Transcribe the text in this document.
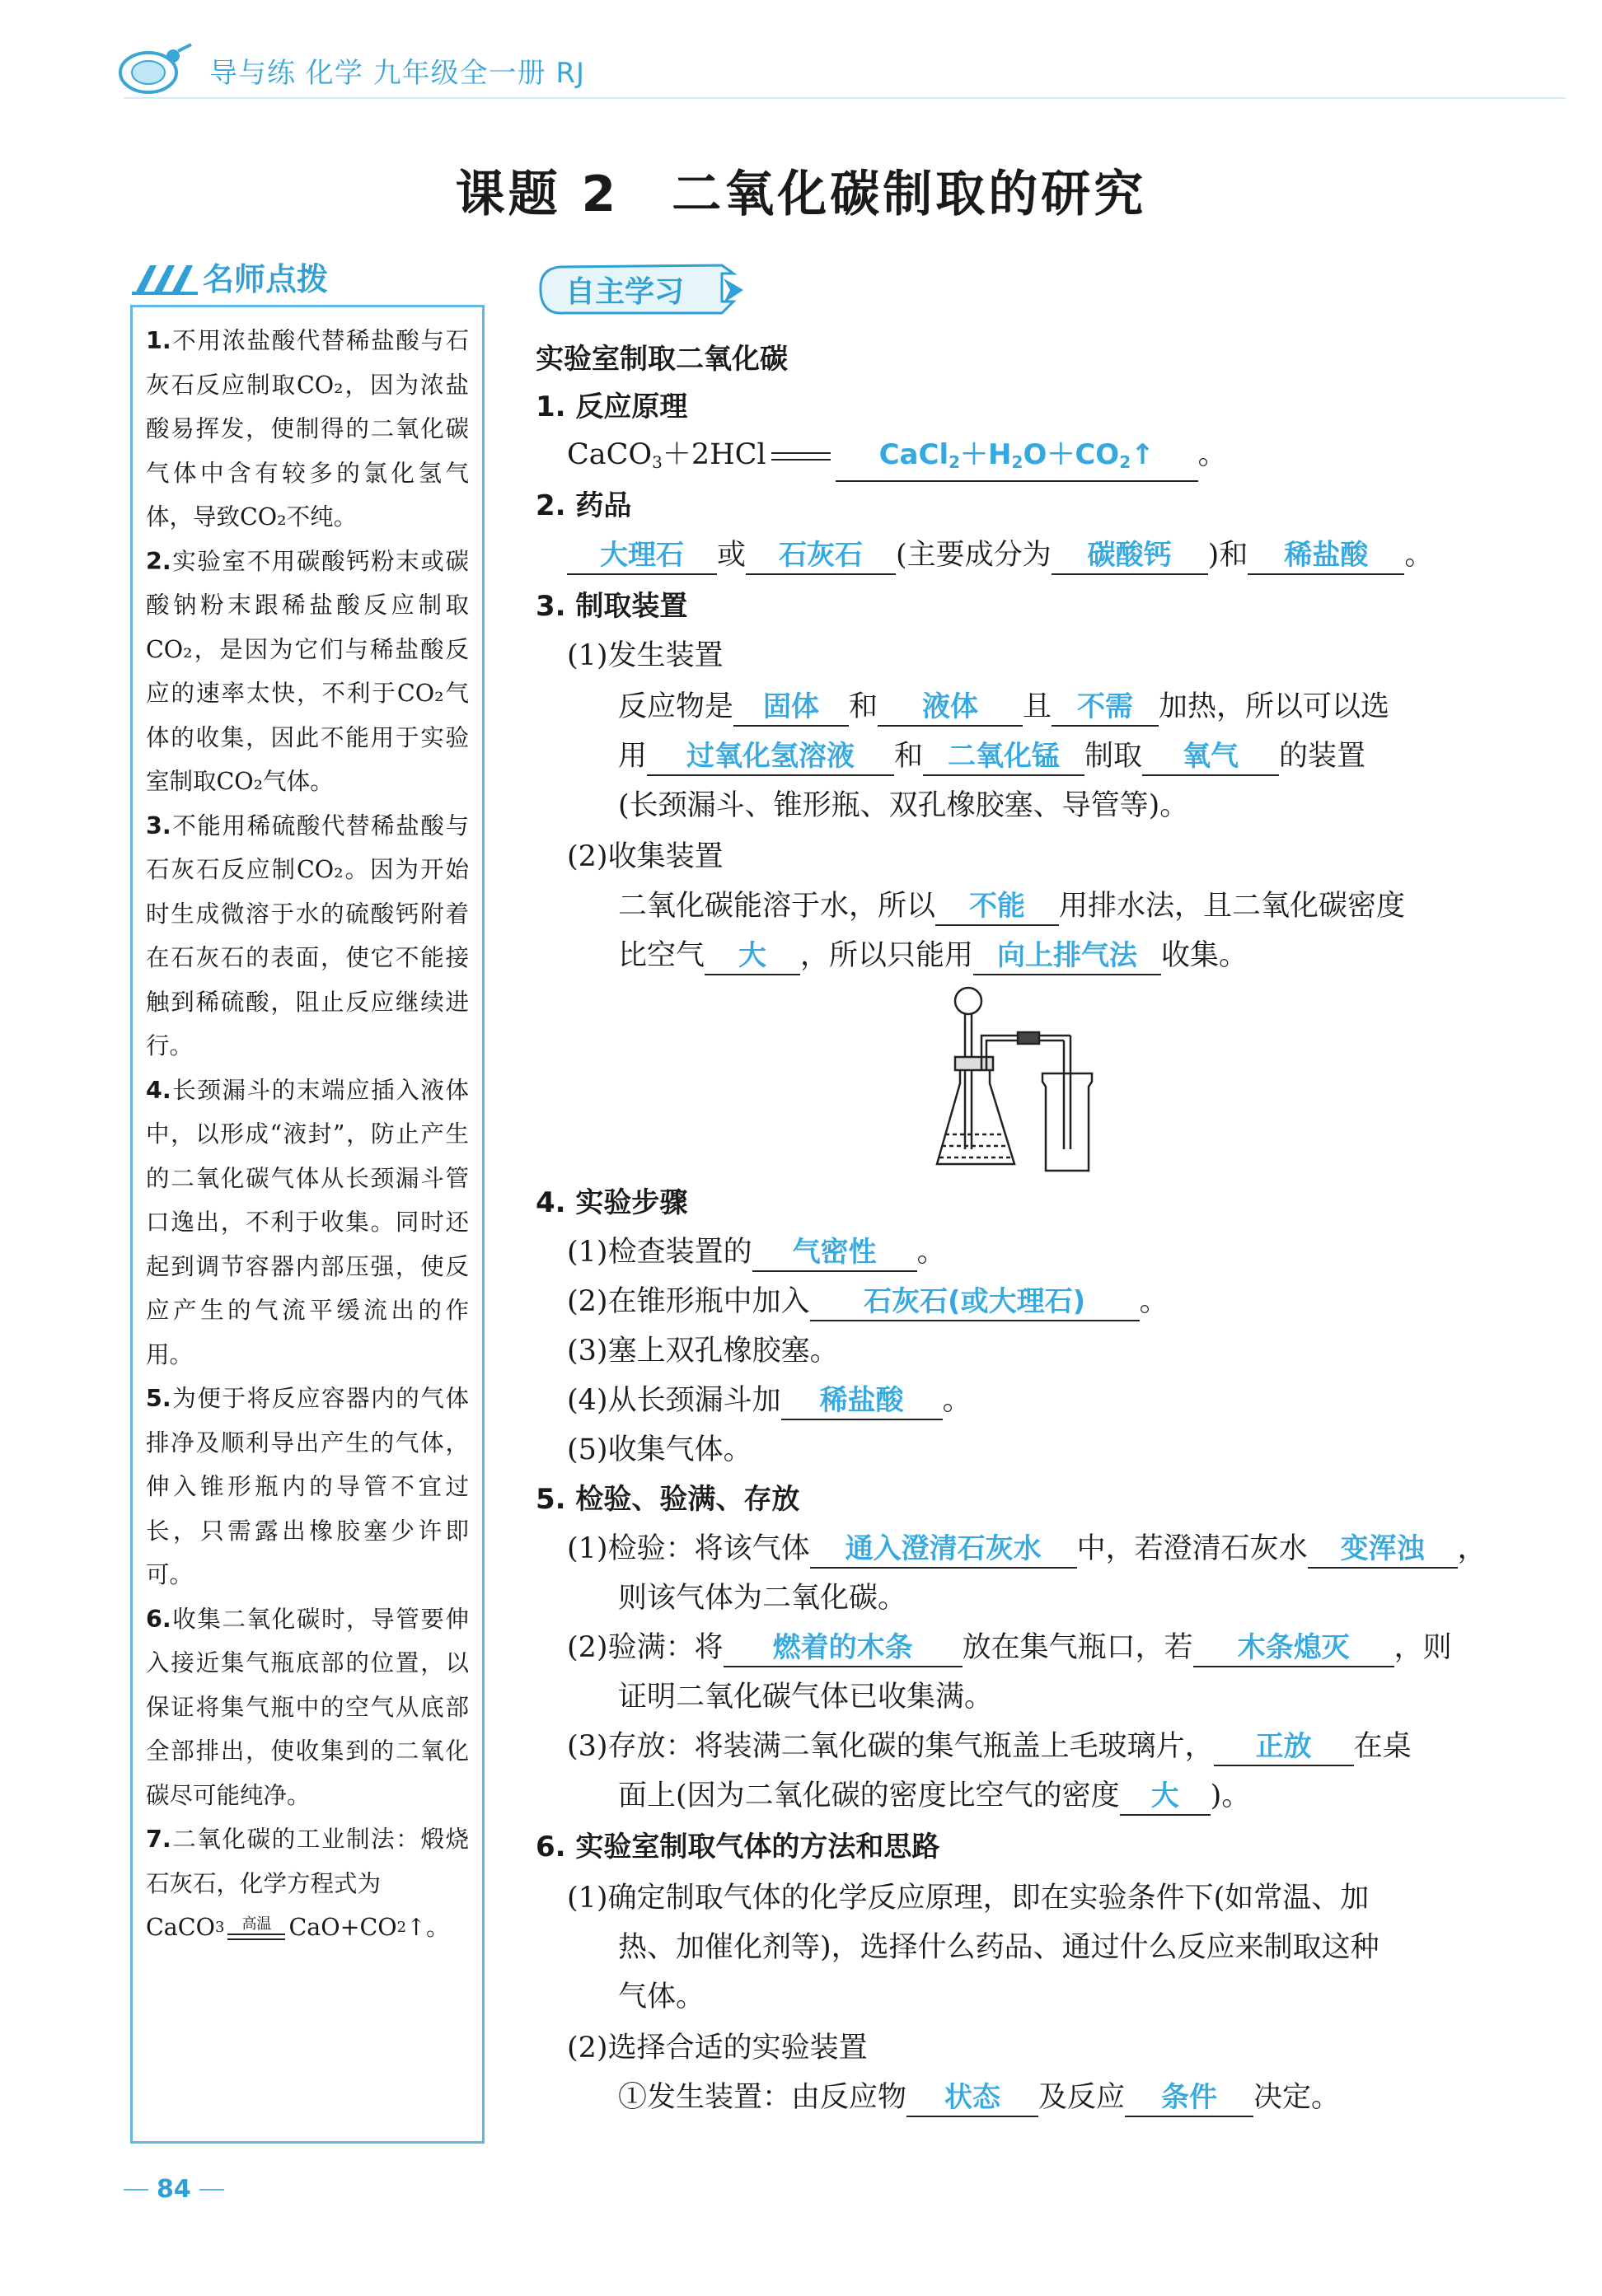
导与练 化学 九年级全一册 RJ
课题 2　二氧化碳制取的研究
名师点拨

1.不用浓盐酸代替稀盐酸与石灰石反应制取CO₂，因为浓盐酸易挥发，使制得的二氧化碳气体中含有较多的氯化氢气体，导致CO₂不纯。

2.实验室不用碳酸钙粉末或碳酸钠粉末跟稀盐酸反应制取CO₂，是因为它们与稀盐酸反应的速率太快，不利于CO₂气体的收集，因此不能用于实验室制取CO₂气体。

3.不能用稀硫酸代替稀盐酸与石灰石反应制CO₂。因为开始时生成微溶于水的硫酸钙附着在石灰石的表面，使它不能接触到稀硫酸，阻止反应继续进行。

4.长颈漏斗的末端应插入液体中，以形成“液封”，防止产生的二氧化碳气体从长颈漏斗管口逸出，不利于收集。同时还起到调节容器内部压强，使反应产生的气流平缓流出的作用。

5.为便于将反应容器内的气体排净及顺利导出产生的气体，伸入锥形瓶内的导管不宜过长，只需露出橡胶塞少许即可。

6.收集二氧化碳时，导管要伸入接近集气瓶底部的位置，以保证将集气瓶中的空气从底部全部排出，使收集到的二氧化碳尽可能纯净。

7.二氧化碳的工业制法：煅烧石灰石，化学方程式为

CaCO 3 高温 CaO+CO 2 ↑。

自主学习
实验室制取二氧化碳
1. 反应原理
CaCO3＋2HCl	CaCl2＋H2O＋CO2↑ 。
2. 药品
大理石 或 石灰石 (主要成分为 碳酸钙 )和 稀盐酸 。
3. 制取装置
(1)发生装置
反应物是 固体 和 液体 且 不需 加热，所以可以选
用 过氧化氢溶液 和 二氧化锰 制取 氧气 的装置
(长颈漏斗、锥形瓶、双孔橡胶塞、导管等)。
(2)收集装置
二氧化碳能溶于水，所以 不能 用排水法，且二氧化碳密度
比空气 大 ，所以只能用 向上排气法 收集。
4. 实验步骤
(1)检查装置的 气密性 。
(2)在锥形瓶中加入 石灰石(或大理石) 。
(3)塞上双孔橡胶塞。
(4)从长颈漏斗加 稀盐酸 。
(5)收集气体。
5. 检验、验满、存放
(1)检验：将该气体 通入澄清石灰水 中，若澄清石灰水 变浑浊 ，
则该气体为二氧化碳。
(2)验满：将 燃着的木条 放在集气瓶口，若 木条熄灭 ，则
证明二氧化碳气体已收集满。
(3)存放：将装满二氧化碳的集气瓶盖上毛玻璃片， 正放 在桌
面上(因为二氧化碳的密度比空气的密度 大 )。
6. 实验室制取气体的方法和思路
(1)确定制取气体的化学反应原理，即在实验条件下(如常温、加
热、加催化剂等)，选择什么药品、通过什么反应来制取这种
气体。
(2)选择合适的实验装置
①发生装置：由反应物 状态 及反应 条件 决定。
84
